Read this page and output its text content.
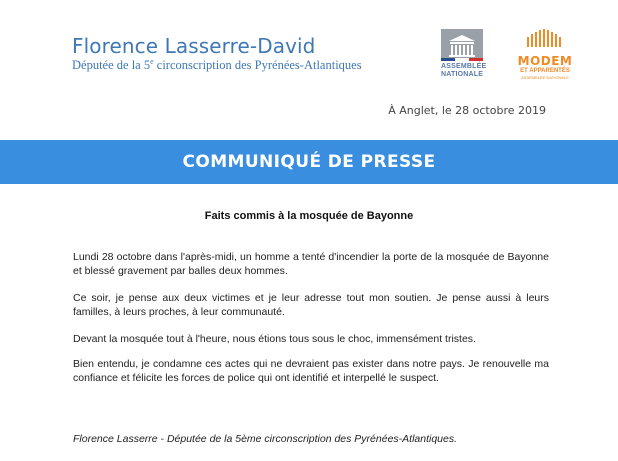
Florence Lasserre-David
Députée de la 5e circonscription des Pyrénées-Atlantiques	ASSEMBLÉE
NATIONALE
MODEM
ET APPARENTÉS
ASSEMBLÉE NATIONALE
À Anglet, le 28 octobre 2019
COMMUNIQUÉ DE PRESSE
Faits commis à la mosquée de Bayonne

Lundi 28 octobre dans l'après-midi, un homme a tenté d'incendier la porte de la mosquée de Bayonne et blessé gravement par balles deux hommes.

Ce soir, je pense aux deux victimes et je leur adresse tout mon soutien. Je pense aussi à leurs familles, à leurs proches, à leur communauté.

Devant la mosquée tout à l'heure, nous étions tous sous le choc, immensément tristes.

Bien entendu, je condamne ces actes qui ne devraient pas exister dans notre pays. Je renouvelle ma confiance et félicite les forces de police qui ont identifié et interpellé le suspect.

Florence Lasserre - Députée de la 5ème circonscription des Pyrénées-Atlantiques.
